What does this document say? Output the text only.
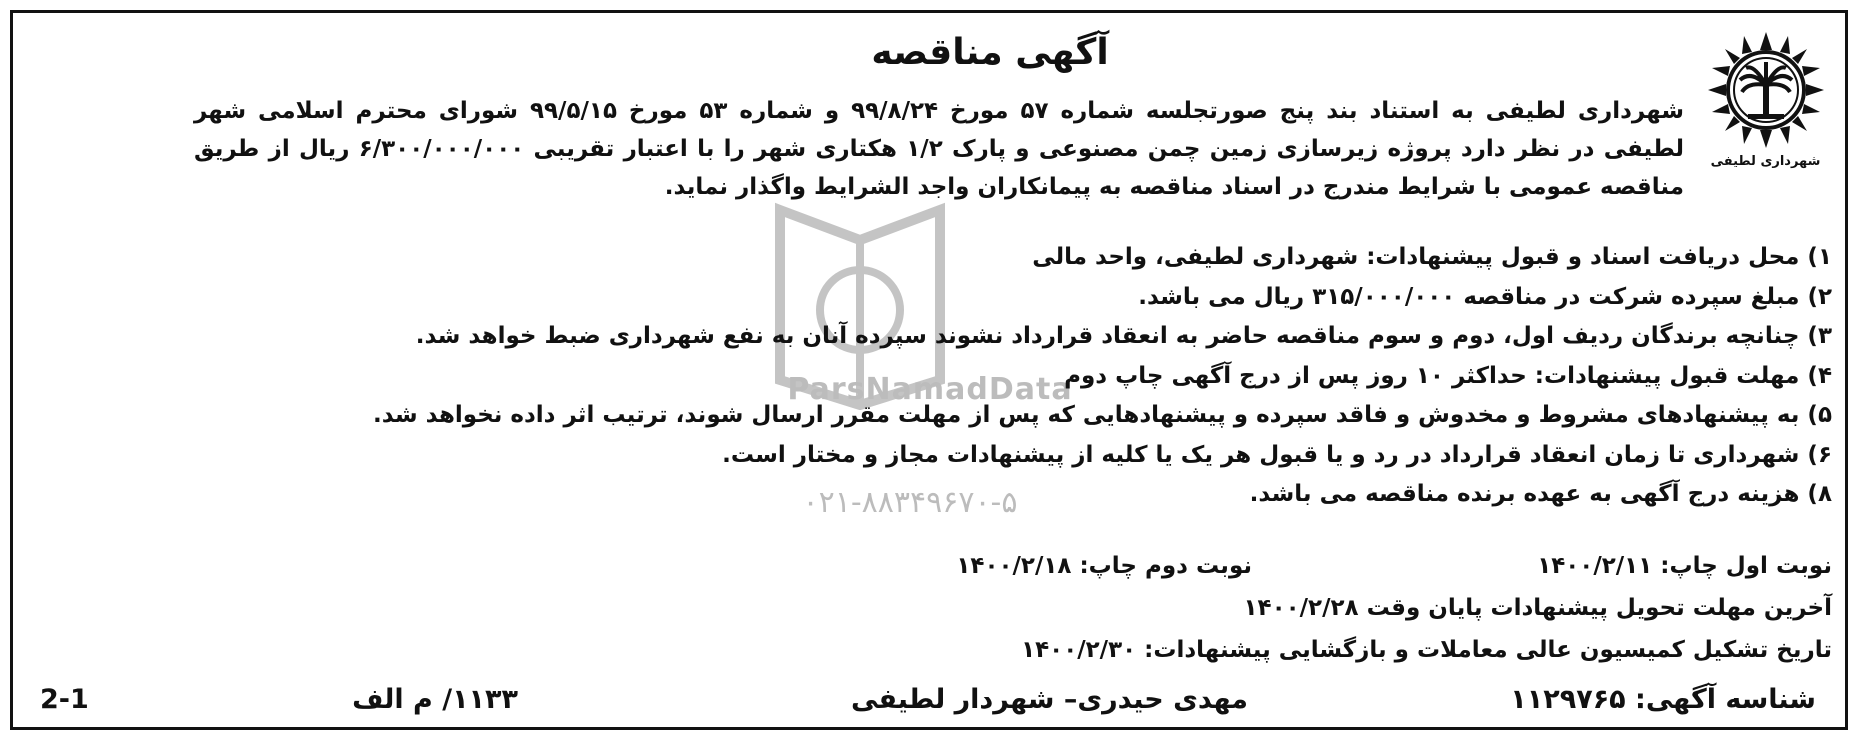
ParsNamadData
۰۲۱-۸۸۳۴۹۶۷۰-۵
شهرداری لطیفی
آگهی مناقصه
شهرداری لطیفی به استناد بند پنج صورتجلسه شماره ۵۷ مورخ ۹۹/۸/۲۴ و شماره ۵۳ مورخ ۹۹/۵/۱۵ شورای محترم اسلامی شهر
لطیفی در نظر دارد پروژه زیرسازی زمین چمن مصنوعی و پارک ۱/۲ هکتاری شهر را با اعتبار تقریبی ۶/۳۰۰/۰۰۰/۰۰۰ ریال از طریق
مناقصه عمومی با شرایط مندرج در اسناد مناقصه به پیمانکاران واجد الشرایط واگذار نماید.
۱) محل دریافت اسناد و قبول پیشنهادات: شهرداری لطیفی، واحد مالی
۲) مبلغ سپرده شرکت در مناقصه ۳۱۵/۰۰۰/۰۰۰ ریال می باشد.
۳) چنانچه برندگان ردیف اول، دوم و سوم مناقصه حاضر به انعقاد قرارداد نشوند سپرده آنان به نفع شهرداری ضبط خواهد شد.
۴) مهلت قبول پیشنهادات: حداکثر ۱۰ روز پس از درج آگهی چاپ دوم
۵) به پیشنهادهای مشروط و مخدوش و فاقد سپرده و پیشنهادهایی که پس از مهلت مقرر ارسال شوند، ترتیب اثر داده نخواهد شد.
۶) شهرداری تا زمان انعقاد قرارداد در رد و یا قبول هر یک یا کلیه از پیشنهادات مجاز و مختار است.
۸) هزینه درج آگهی به عهده برنده مناقصه می باشد.
نوبت اول چاپ: ۱۴۰۰/۲/۱۱
نوبت دوم چاپ: ۱۴۰۰/۲/۱۸
آخرین مهلت تحویل پیشنهادات پایان وقت ۱۴۰۰/۲/۲۸
تاریخ تشکیل کمیسیون عالی معاملات و بازگشایی پیشنهادات: ۱۴۰۰/۲/۳۰
شناسه آگهی: ۱۱۲۹۷۶۵
مهدی حیدری– شهردار لطیفی
۱۱۳۳/ م الف
2-1
